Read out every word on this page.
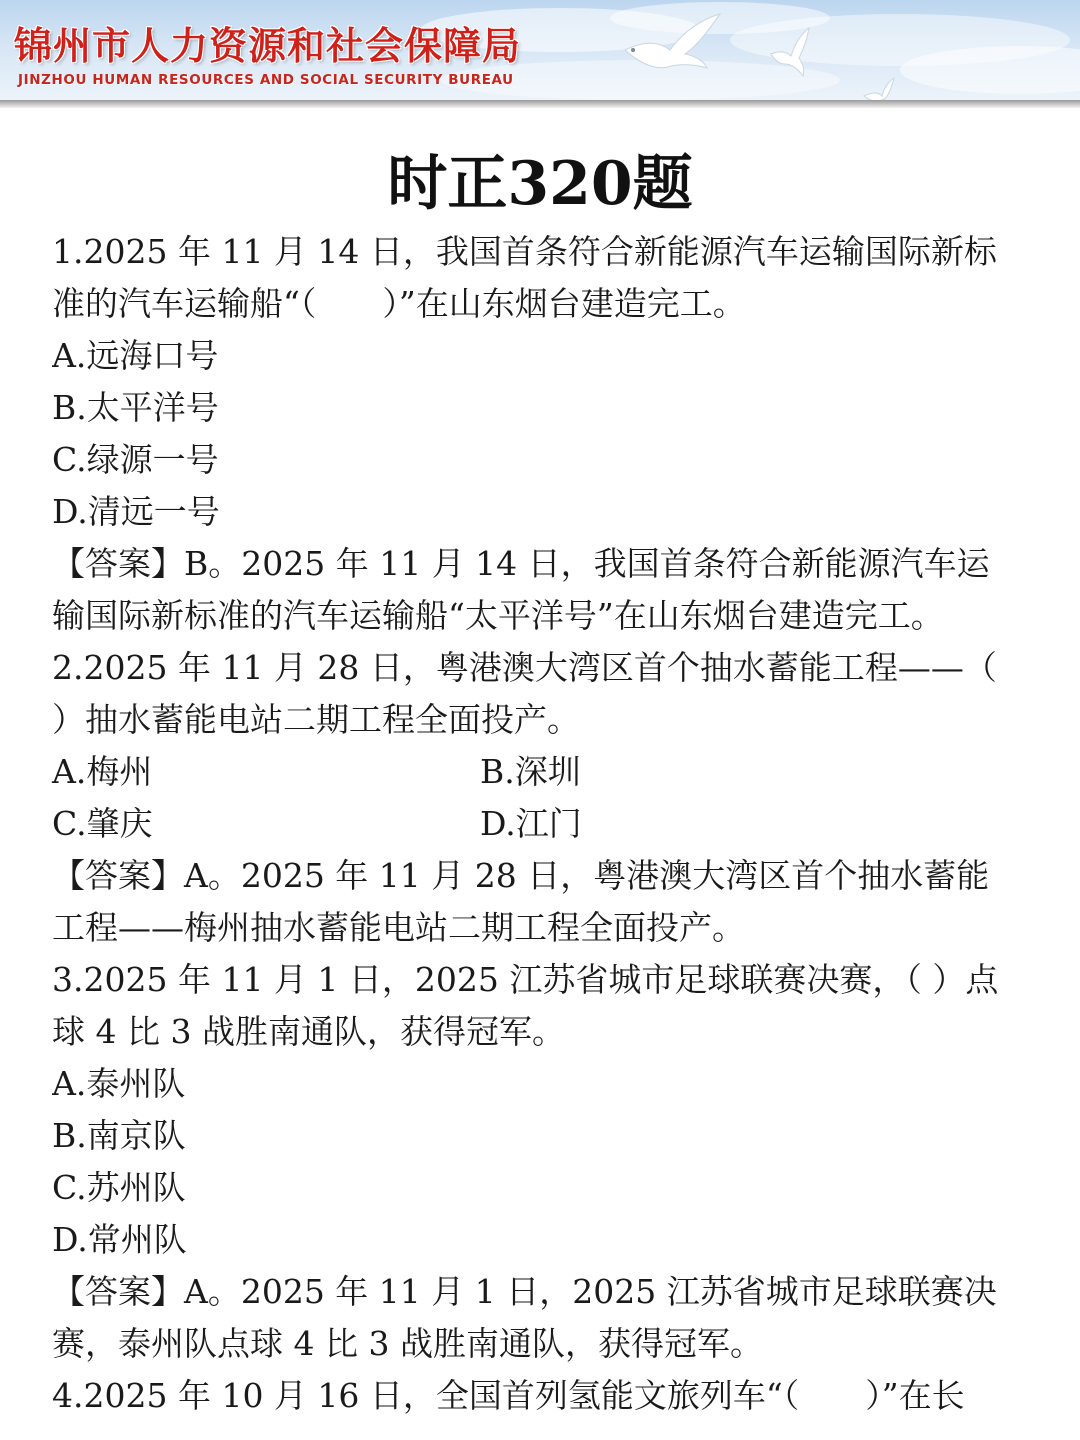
锦州市人力资源和社会保障局
JINZHOU HUMAN RESOURCES AND SOCIAL SECURITY BUREAU
时正320题
1.2025 年 11 月 14 日，我国首条符合新能源汽车运输国际新标
准的汽车运输船“（　　）”在山东烟台建造完工。
A.远海口号
B.太平洋号
C.绿源一号
D.清远一号
【答案】B。2025 年 11 月 14 日，我国首条符合新能源汽车运
输国际新标准的汽车运输船“太平洋号”在山东烟台建造完工。
2.2025 年 11 月 28 日，粤港澳大湾区首个抽水蓄能工程——（
）抽水蓄能电站二期工程全面投产。
A.梅州	B.深圳
C.肇庆	D.江门
【答案】A。2025 年 11 月 28 日，粤港澳大湾区首个抽水蓄能
工程——梅州抽水蓄能电站二期工程全面投产。
3.2025 年 11 月 1 日，2025 江苏省城市足球联赛决赛，（ ）点
球 4 比 3 战胜南通队，获得冠军。
A.泰州队
B.南京队
C.苏州队
D.常州队
【答案】A。2025 年 11 月 1 日，2025 江苏省城市足球联赛决
赛，泰州队点球 4 比 3 战胜南通队，获得冠军。
4.2025 年 10 月 16 日，全国首列氢能文旅列车“（　　）”在长
